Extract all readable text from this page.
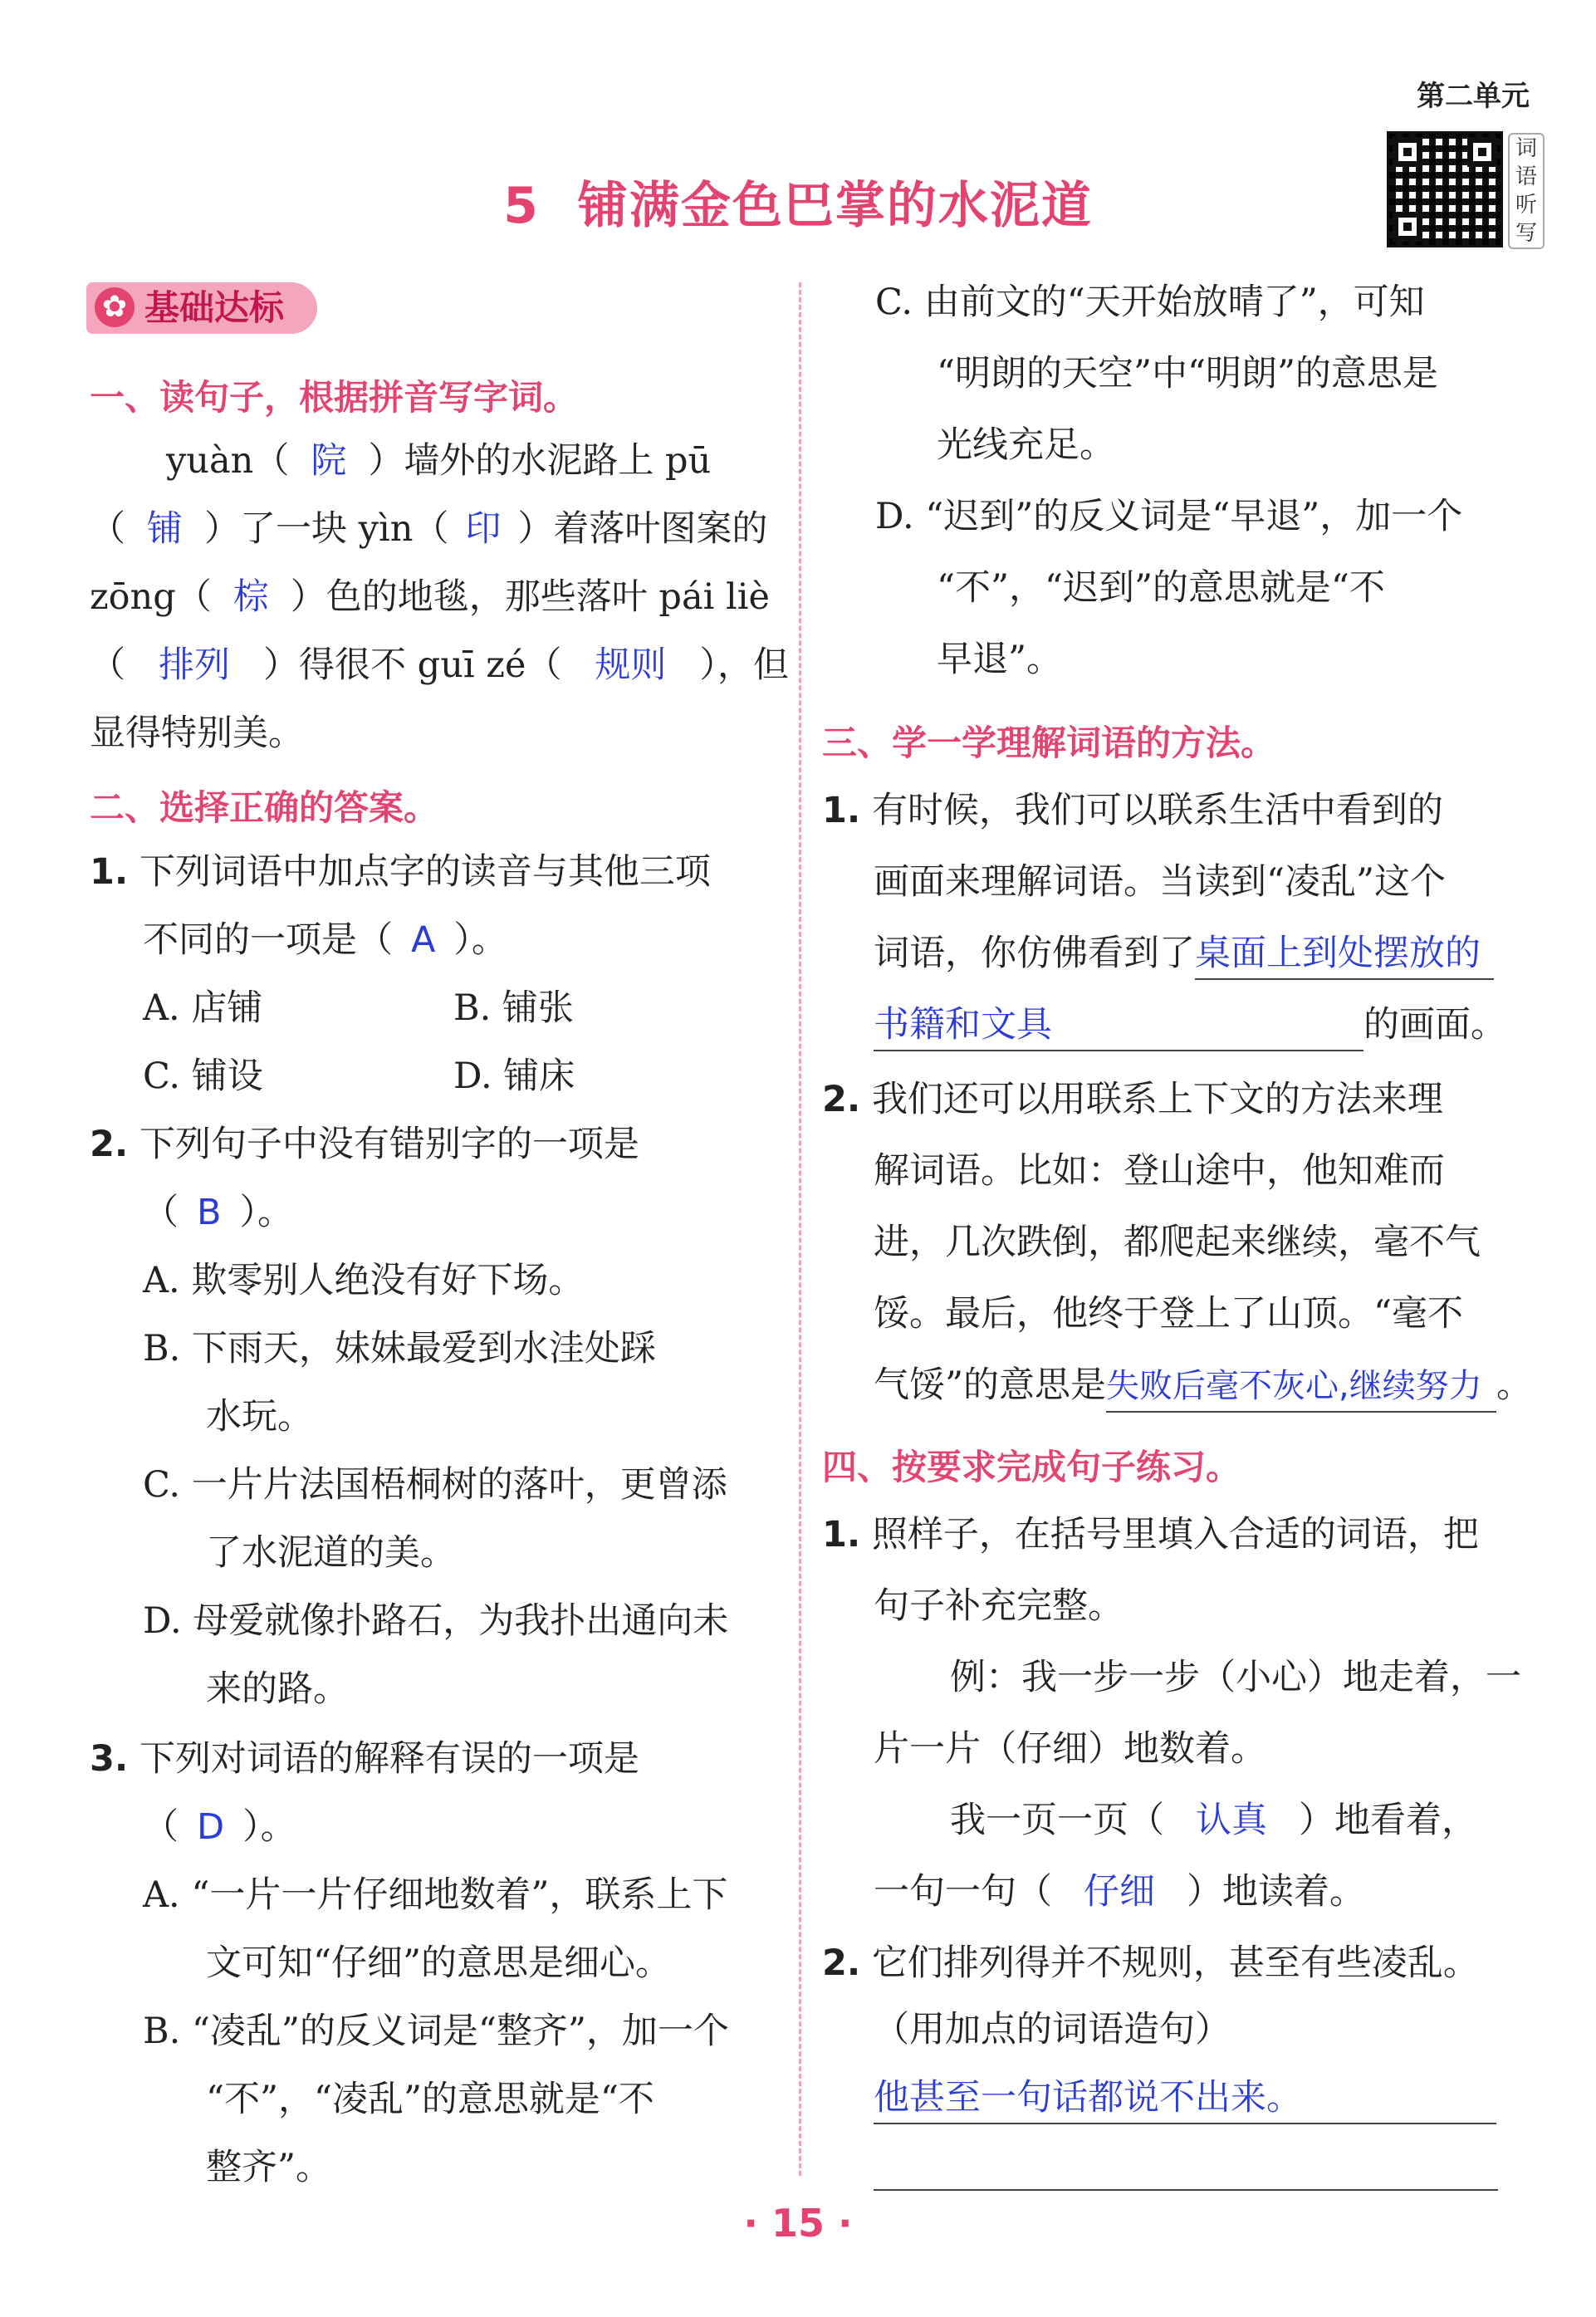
第二单元
词语听写
5 铺满金色巴掌的水泥道
✿ 基础达标
一、读句子，根据拼音写字词。
yuàn（ 院 ）墙外的水泥路上 pū
（ 铺 ）了一块 yìn（ 印 ）着落叶图案的
zōng（ 棕 ）色的地毯，那些落叶 pái liè
（ 排列 ）得很不 guī zé（ 规则 ），但
显得特别美。
二、选择正确的答案。
1. 下列词语中加点字的读音与其他三项
不同的一项是（ A ）。
A. 店铺	B. 铺张
C. 铺设	D. 铺床
2. 下列句子中没有错别字的一项是
（ B ）。
A. 欺零别人绝没有好下场。
B. 下雨天，妹妹最爱到水洼处踩
水玩。
C. 一片片法国梧桐树的落叶，更曾添
了水泥道的美。
D. 母爱就像扑路石，为我扑出通向未
来的路。
3. 下列对词语的解释有误的一项是
（ D ）。
A. “一片一片仔细地数着”，联系上下
文可知“仔细”的意思是细心。
B. “凌乱”的反义词是“整齐”，加一个
“不”，“凌乱”的意思就是“不
整齐”。
C. 由前文的“天开始放晴了”，可知
“明朗的天空”中“明朗”的意思是
光线充足。
D. “迟到”的反义词是“早退”，加一个
“不”，“迟到”的意思就是“不
早退”。
三、学一学理解词语的方法。
1. 有时候，我们可以联系生活中看到的
画面来理解词语。当读到“凌乱”这个
词语，你仿佛看到了桌面上到处摆放的
书籍和文具	的画面。
2. 我们还可以用联系上下文的方法来理
解词语。比如：登山途中，他知难而
进，几次跌倒，都爬起来继续，毫不气
馁。最后，他终于登上了山顶。“毫不
气馁”的意思是失败后毫不灰心,继续努力 。
四、按要求完成句子练习。
1. 照样子，在括号里填入合适的词语，把
句子补充完整。
例：我一步一步（小心）地走着，一
片一片（仔细）地数着。
我一页一页（ 认真 ）地看着，
一句一句（ 仔细 ）地读着。
2. 它们排列得并不规则，甚至有些凌乱。
（用加点的词语造句）
他甚至一句话都说不出来。
· 15 ·
